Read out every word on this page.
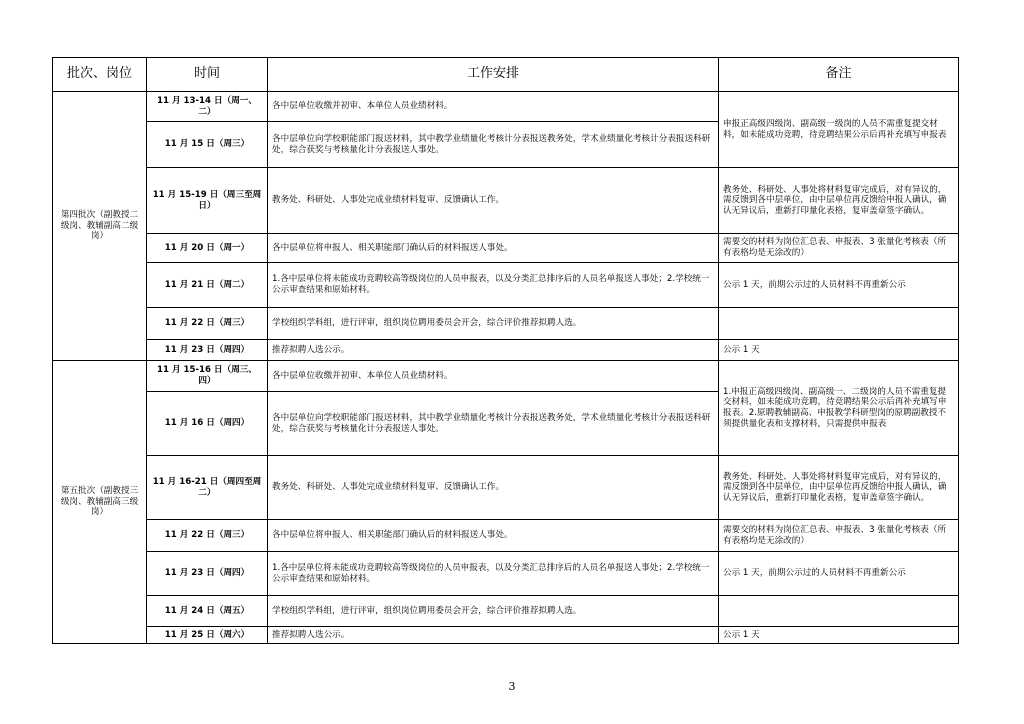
批次、岗位	时间	工作安排	备注
第四批次（副教授二级岗、教辅副高二级岗）	11 月 13-14 日（周一、二）	各中层单位收缴并初审、本单位人员业绩材料。	申报正高级四级岗、副高级一级岗的人员不需重复提交材料，如未能成功竞聘，待竞聘结果公示后再补充填写申报表
	11 月 15 日（周三）	各中层单位向学校职能部门报送材料，其中教学业绩量化考核计分表报送教务处，学术业绩量化考核计分表报送科研处，综合获奖与考核量化计分表报送人事处。	
	11 月 15-19 日（周三至周日）	教务处、科研处、人事处完成业绩材料复审、反馈确认工作。	教务处、科研处、人事处将材料复审完成后，对有异议的，需反馈到各中层单位，由中层单位再反馈给申报人确认，确认无异议后，重新打印量化表格，复审盖章签字确认。
	11 月 20 日（周一）	各中层单位将申报人、相关职能部门确认后的材料报送人事处。	需要交的材料为岗位汇总表、申报表、3 张量化考核表（所有表格均是无涂改的）
	11 月 21 日（周二）	1.各中层单位将未能成功竞聘较高等级岗位的人员申报表，以及分类汇总排序后的人员名单报送人事处；2.学校统一公示审查结果和原始材料。	公示 1 天，前期公示过的人员材料不再重新公示
	11 月 22 日（周三）	学校组织学科组，进行评审，组织岗位聘用委员会开会，综合评价推荐拟聘人选。	
	11 月 23 日（周四）	推荐拟聘人选公示。	公示 1 天
第五批次（副教授三级岗、教辅副高三级岗）	11 月 15-16 日（周三、四）	各中层单位收缴并初审、本单位人员业绩材料。	1.申报正高级四级岗、副高级一、二级岗的人员不需重复提交材料，如未能成功竞聘，待竞聘结果公示后再补充填写申报表。2.原聘教辅副高、申报教学科研型岗的原聘副教授不须提供量化表和支撑材料，只需提供申报表
	11 月 16 日（周四）	各中层单位向学校职能部门报送材料，其中教学业绩量化考核计分表报送教务处，学术业绩量化考核计分表报送科研处，综合获奖与考核量化计分表报送人事处。	
	11 月 16-21 日（周四至周二）	教务处、科研处、人事处完成业绩材料复审、反馈确认工作。	教务处、科研处、人事处将材料复审完成后，对有异议的，需反馈到各中层单位，由中层单位再反馈给申报人确认，确认无异议后，重新打印量化表格，复审盖章签字确认。
	11 月 22 日（周三）	各中层单位将申报人、相关职能部门确认后的材料报送人事处。	需要交的材料为岗位汇总表、申报表、3 张量化考核表（所有表格均是无涂改的）
	11 月 23 日（周四）	1.各中层单位将未能成功竞聘较高等级岗位的人员申报表，以及分类汇总排序后的人员名单报送人事处；2.学校统一公示审查结果和原始材料。	公示 1 天，前期公示过的人员材料不再重新公示
	11 月 24 日（周五）	学校组织学科组，进行评审，组织岗位聘用委员会开会，综合评价推荐拟聘人选。	
	11 月 25 日（周六）	推荐拟聘人选公示。	公示 1 天
3
